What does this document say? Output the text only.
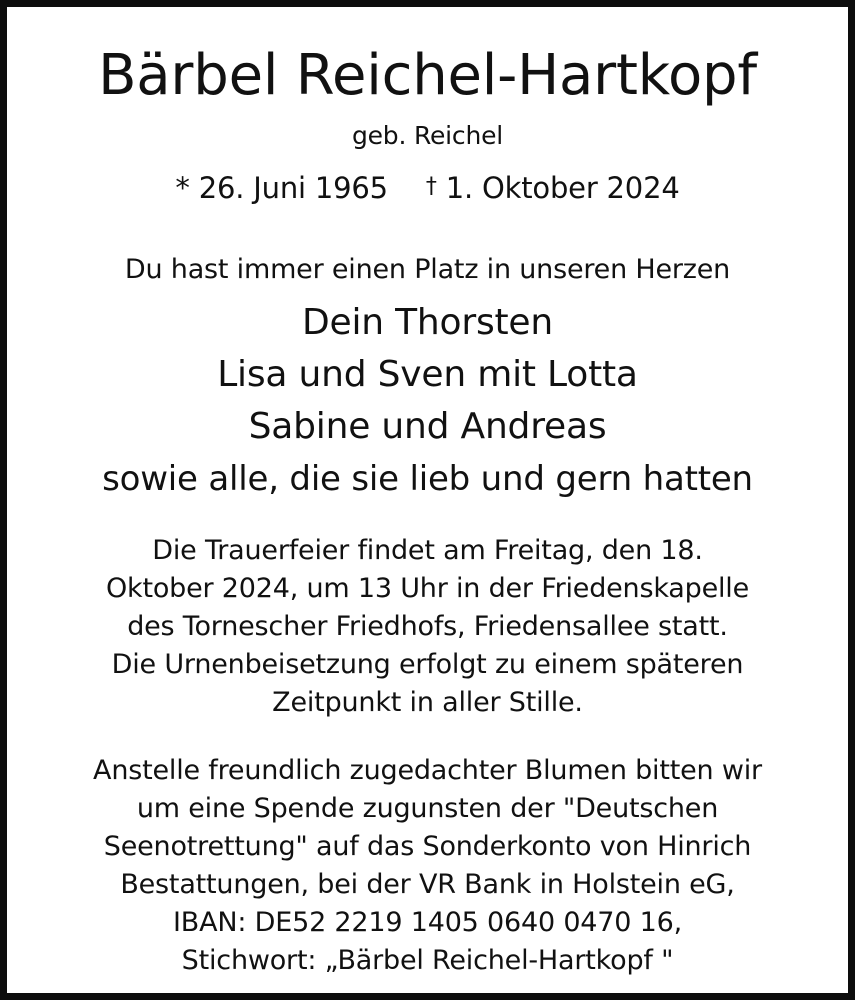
Bärbel Reichel-Hartkopf
geb. Reichel
* 26. Juni 1965 † 1. Oktober 2024
Du hast immer einen Platz in unseren Herzen
Dein Thorsten
Lisa und Sven mit Lotta
Sabine und Andreas
sowie alle, die sie lieb und gern hatten
Die Trauerfeier findet am Freitag, den 18.
Oktober 2024, um 13 Uhr in der Friedenskapelle
des Tornescher Friedhofs, Friedensallee statt.
Die Urnenbeisetzung erfolgt zu einem späteren
Zeitpunkt in aller Stille.
Anstelle freundlich zugedachter Blumen bitten wir
um eine Spende zugunsten der "Deutschen
Seenotrettung" auf das Sonderkonto von Hinrich
Bestattungen, bei der VR Bank in Holstein eG,
IBAN: DE52 2219 1405 0640 0470 16,
Stichwort: „Bärbel Reichel-Hartkopf "
